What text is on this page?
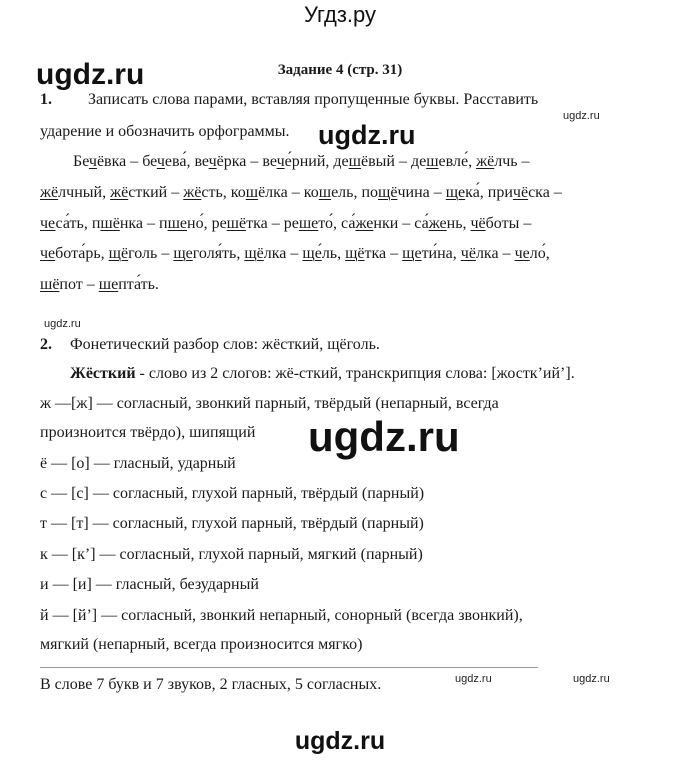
Угдз.ру
ugdz.ru
ugdz.ru
Задание 4 (стр. 31)
1. Записать слова парами, вставляя пропущенные буквы. Расставить
ударение и обозначить орфограммы. ugdz.ru
Бечёвка – бечева́, вечёрка – вече́рний, дешёвый – дешевле́, жёлчь –
жёлчный, жёсткий – жёсть, кошёлка – кошель, пощёчина – щека́, причёска –
чеса́ть, пшёнка – пшено́, решётка – решето́, са́женки – са́жень, чёботы –
чебота́рь, щёголь – щеголя́ть, щёлка – ще́ль, щётка – щети́на, чёлка – чело́,
шёпот – шепта́ть.
ugdz.ru
2. Фонетический разбор слов: жёсткий, щёголь.
Жёсткий - слово из 2 слогов: жё-сткий, транскрипция слова: [жостк’ий’].
ж —[ж] — согласный, звонкий парный, твёрдый (непарный, всегда
произноится твёрдо), шипящий ugdz.ru
ё — [о] — гласный, ударный
с — [с] — согласный, глухой парный, твёрдый (парный)
т — [т] — согласный, глухой парный, твёрдый (парный)
к — [к’] — согласный, глухой парный, мягкий (парный)
и — [и] — гласный, безударный
й — [й’] — согласный, звонкий непарный, сонорный (всегда звонкий),
мягкий (непарный, всегда произносится мягко)
В слове 7 букв и 7 звуков, 2 гласных, 5 согласных.	ugdz.ru	ugdz.ru
ugdz.ru
